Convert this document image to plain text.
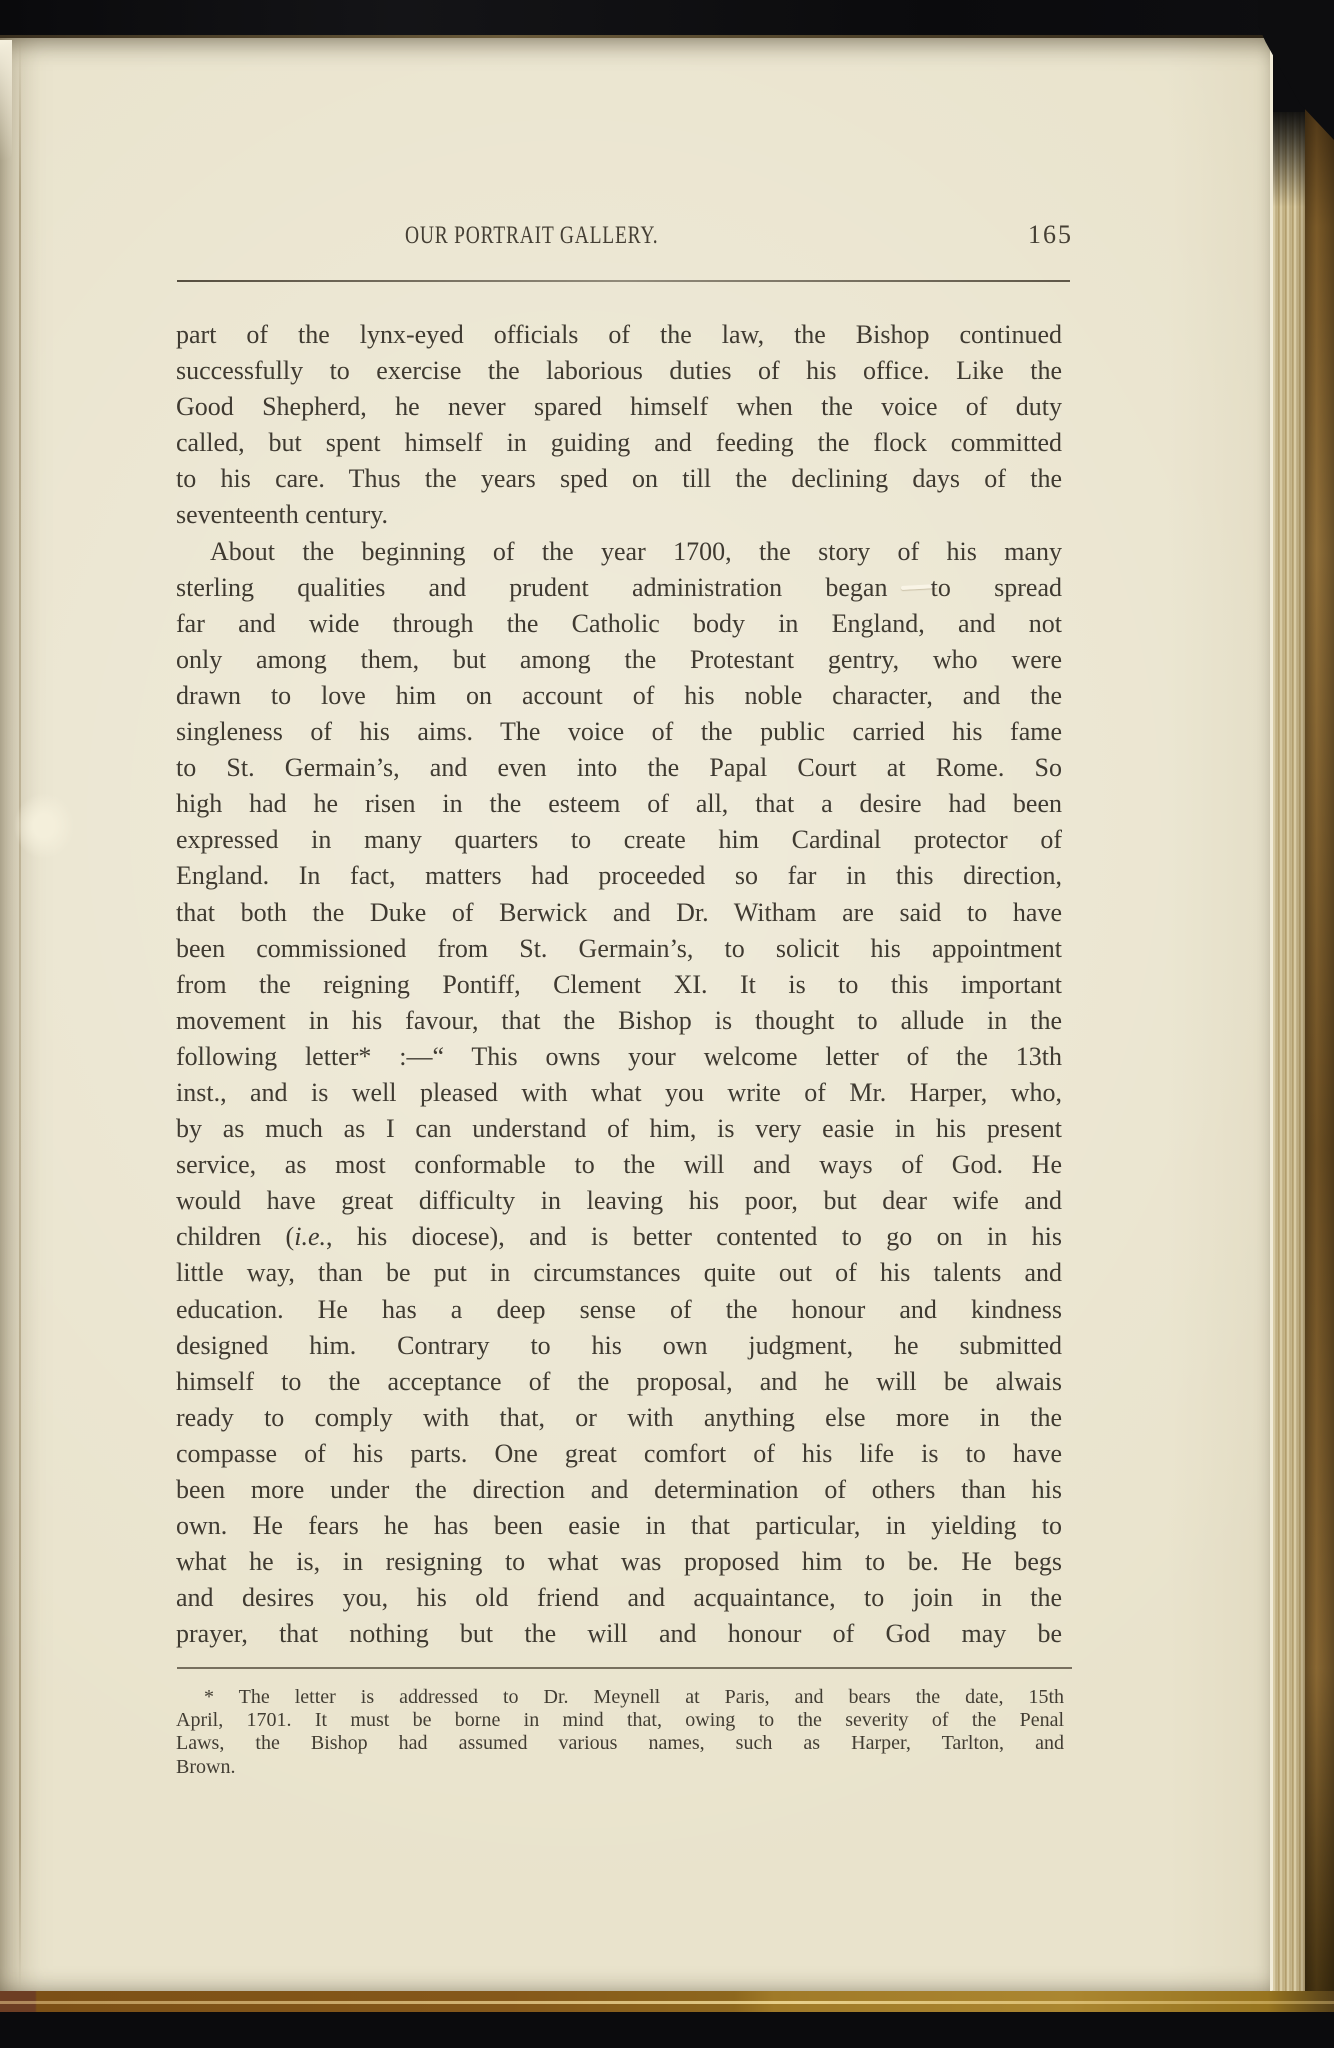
OUR PORTRAIT GALLERY.	165
part of the lynx-eyed officials of the law, the Bishop continued
successfully to exercise the laborious duties of his office. Like the
Good Shepherd, he never spared himself when the voice of duty
called, but spent himself in guiding and feeding the flock committed
to his care. Thus the years sped on till the declining days of the
seventeenth century.
About the beginning of the year 1700, the story of his many
sterling qualities and prudent administration began to spread
far and wide through the Catholic body in England, and not
only among them, but among the Protestant gentry, who were
drawn to love him on account of his noble character, and the
singleness of his aims. The voice of the public carried his fame
to St. Germain’s, and even into the Papal Court at Rome. So
high had he risen in the esteem of all, that a desire had been
expressed in many quarters to create him Cardinal protector of
England. In fact, matters had proceeded so far in this direction,
that both the Duke of Berwick and Dr. Witham are said to have
been commissioned from St. Germain’s, to solicit his appointment
from the reigning Pontiff, Clement XI. It is to this important
movement in his favour, that the Bishop is thought to allude in the
following letter* :—“ This owns your welcome letter of the 13th
inst., and is well pleased with what you write of Mr. Harper, who,
by as much as I can understand of him, is very easie in his present
service, as most conformable to the will and ways of God. He
would have great difficulty in leaving his poor, but dear wife and
children (i.e., his diocese), and is better contented to go on in his
little way, than be put in circumstances quite out of his talents and
education. He has a deep sense of the honour and kindness
designed him. Contrary to his own judgment, he submitted
himself to the acceptance of the proposal, and he will be alwais
ready to comply with that, or with anything else more in the
compasse of his parts. One great comfort of his life is to have
been more under the direction and determination of others than his
own. He fears he has been easie in that particular, in yielding to
what he is, in resigning to what was proposed him to be. He begs
and desires you, his old friend and acquaintance, to join in the
prayer, that nothing but the will and honour of God may be
* The letter is addressed to Dr. Meynell at Paris, and bears the date, 15th
April, 1701. It must be borne in mind that, owing to the severity of the Penal
Laws, the Bishop had assumed various names, such as Harper, Tarlton, and
Brown.
